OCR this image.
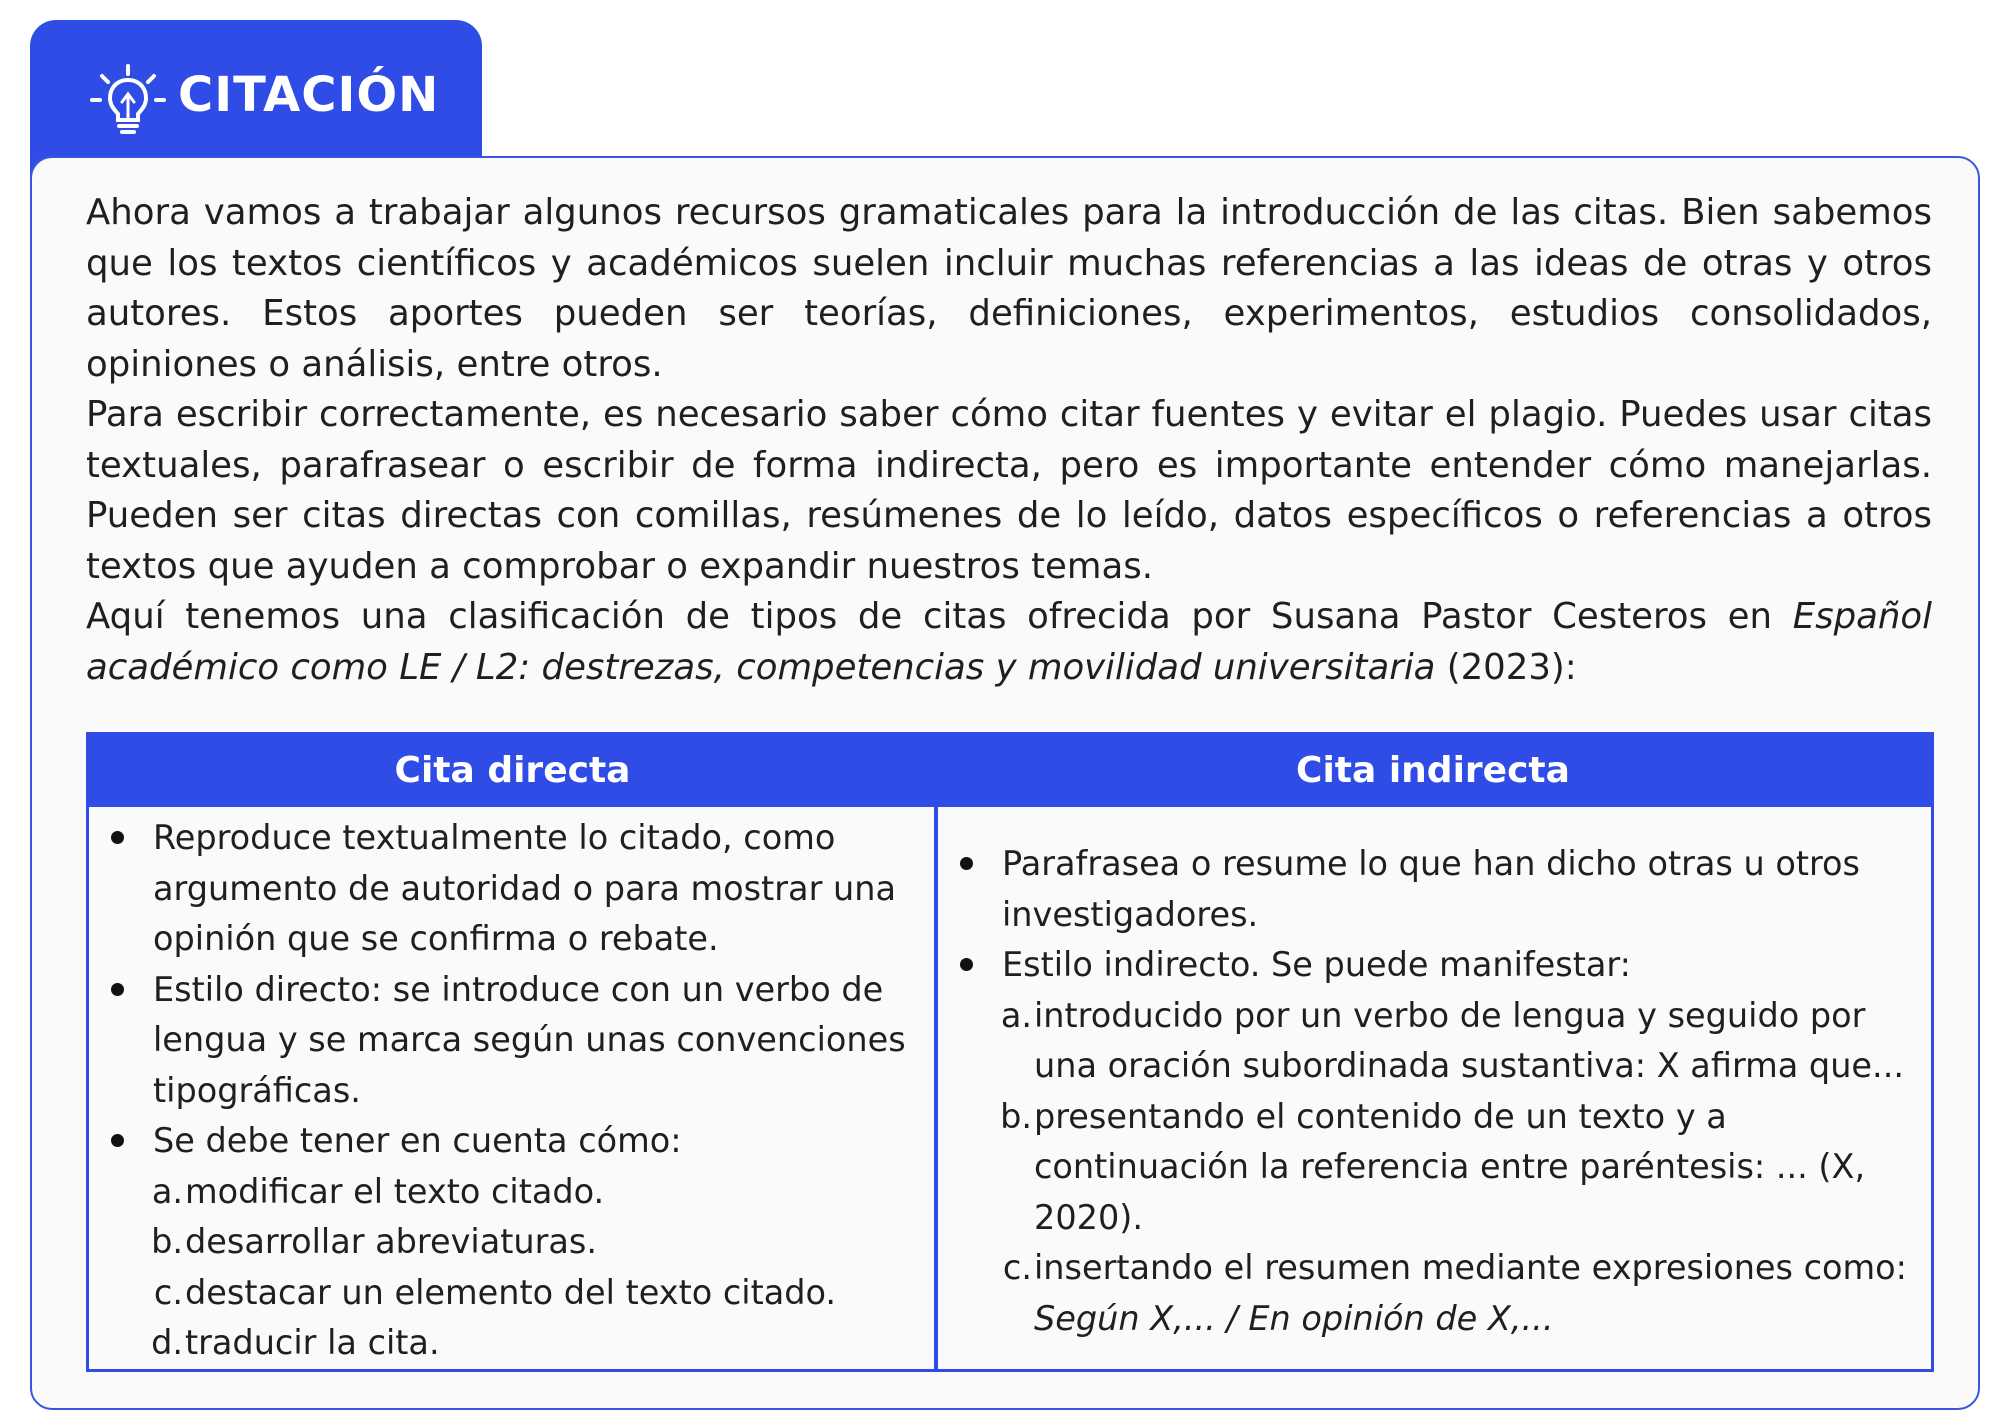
CITACIÓN

Ahora vamos a trabajar algunos recursos gramaticales para la introducción de las citas. Bien sabemos que los textos científicos y académicos suelen incluir muchas referencias a las ideas de otras y otros autores. Estos aportes pueden ser teorías, definiciones, experimentos, estudios consolidados, opiniones o análisis, entre otros.

Para escribir correctamente, es necesario saber cómo citar fuentes y evitar el plagio. Puedes usar citas textuales, parafrasear o escribir de forma indirecta, pero es importante entender cómo manejarlas. Pueden ser citas directas con comillas, resúmenes de lo leído, datos específicos o referencias a otros textos que ayuden a comprobar o expandir nuestros temas.

Aquí tenemos una clasificación de tipos de citas ofrecida por Susana Pastor Cesteros en Español académico como LE / L2: destrezas, competencias y movilidad universitaria (2023):

Cita directa	Cita indirecta
Reproduce textualmente lo citado, como argumento de autoridad o para mostrar una opinión que se confirma o rebate.
Estilo directo: se introduce con un verbo de lengua y se marca según unas convenciones tipográficas.
Se debe tener en cuenta cómo:
a. modificar el texto citado.
b. desarrollar abreviaturas.
c. destacar un elemento del texto citado.
d. traducir la cita.
Parafrasea o resume lo que han dicho otras u otros investigadores.
Estilo indirecto. Se puede manifestar:
a. introducido por un verbo de lengua y seguido por una oración subordinada sustantiva: X afirma que...
b. presentando el contenido de un texto y a continuación la referencia entre paréntesis: ... (X, 2020).
c. insertando el resumen mediante expresiones como:
Según X,... / En opinión de X,...
